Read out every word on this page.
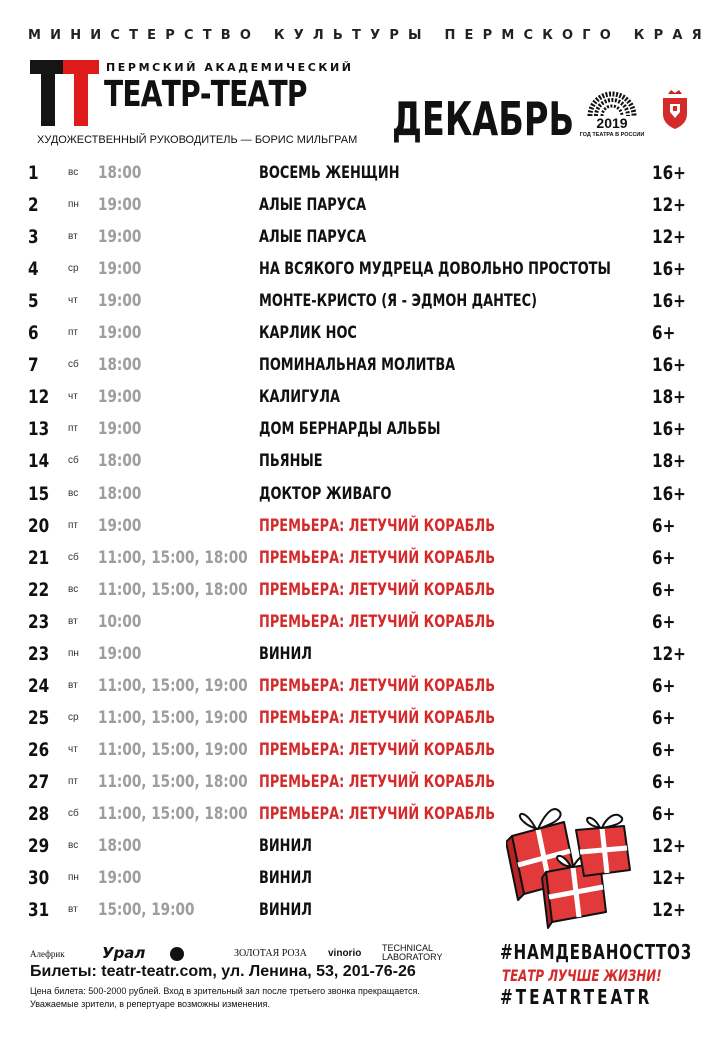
МИНИСТЕРСТВО КУЛЬТУРЫ ПЕРМСКОГО КРАЯ
ПЕРМСКИЙ АКАДЕМИЧЕСКИЙ
ТЕАТР-ТЕАТР
ХУДОЖЕСТВЕННЫЙ РУКОВОДИТЕЛЬ — БОРИС МИЛЬГРАМ ДЕКАБРЬ	2019
ГОД ТЕАТРА В РОССИИ
1	вс 18:00	ВОСЕМЬ ЖЕНЩИН	16+
2	пн 19:00	АЛЫЕ ПАРУСА	12+
3	вт 19:00	АЛЫЕ ПАРУСА	12+
4	ср 19:00	НА ВСЯКОГО МУДРЕЦА ДОВОЛЬНО ПРОСТОТЫ 16+
5	чт 19:00	МОНТЕ-КРИСТО (Я - ЭДМОН ДАНТЕС)	16+
6	пт 19:00	КАРЛИК НОС	6+
7	сб 18:00	ПОМИНАЛЬНАЯ МОЛИТВА	16+
12 чт 19:00	КАЛИГУЛА	18+
13 пт 19:00	ДОМ БЕРНАРДЫ АЛЬБЫ	16+
14 сб 18:00	ПЬЯНЫЕ	18+
15 вс 18:00	ДОКТОР ЖИВАГО	16+
20 пт 19:00	ПРЕМЬЕРА: ЛЕТУЧИЙ КОРАБЛЬ	6+
21 сб 11:00, 15:00, 18:00 ПРЕМЬЕРА: ЛЕТУЧИЙ КОРАБЛЬ	6+
22 вс 11:00, 15:00, 18:00 ПРЕМЬЕРА: ЛЕТУЧИЙ КОРАБЛЬ	6+
23 вт 10:00	ПРЕМЬЕРА: ЛЕТУЧИЙ КОРАБЛЬ	6+
23 пн 19:00	ВИНИЛ	12+
24 вт 11:00, 15:00, 19:00 ПРЕМЬЕРА: ЛЕТУЧИЙ КОРАБЛЬ	6+
25 ср 11:00, 15:00, 19:00 ПРЕМЬЕРА: ЛЕТУЧИЙ КОРАБЛЬ	6+
26 чт 11:00, 15:00, 19:00 ПРЕМЬЕРА: ЛЕТУЧИЙ КОРАБЛЬ	6+
27 пт 11:00, 15:00, 18:00 ПРЕМЬЕРА: ЛЕТУЧИЙ КОРАБЛЬ	6+
28 сб 11:00, 15:00, 18:00 ПРЕМЬЕРА: ЛЕТУЧИЙ КОРАБЛЬ	6+
29 вс 18:00	ВИНИЛ	12+
30 пн 19:00	ВИНИЛ	12+
31 вт 15:00, 19:00	ВИНИЛ	12+
Алефрик Урал	ЗОЛОТАЯ РОЗА vinorio TECHNICAL
LABORATORY
Билеты: teatr-teatr.com, ул. Ленина, 53, 201-76-26
Цена билета: 500-2000 рублей. Вход в зрительный зал после третьего звонка прекращается.
Уважаемые зрители, в репертуаре возможны изменения.
#НАМДЕВАНОСТТО3
ТЕАТР ЛУЧШЕ ЖИЗНИ!
#TEATRTEATR
